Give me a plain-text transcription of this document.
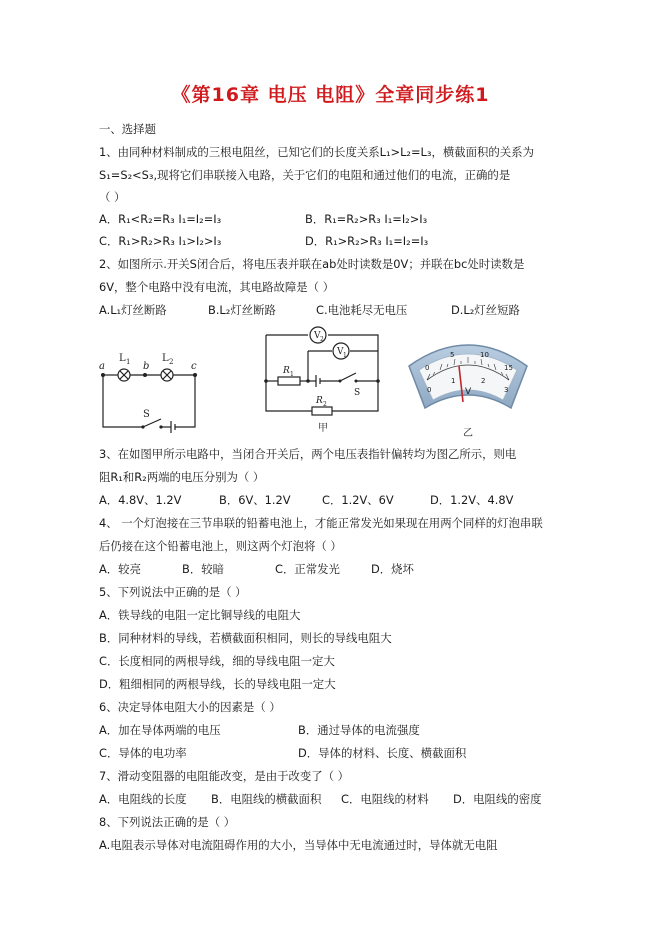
《第16章 电压 电阻》全章同步练1
一、选择题
1、由同种材料制成的三根电阻丝，已知它们的长度关系L₁>L₂=L₃，横截面积的关系为
S₁=S₂<S₃,现将它们串联接入电路，关于它们的电阻和通过他们的电流，正确的是
（ ）
A．R₁<R₂=R₃ I₁=I₂=I₃	B．R₁=R₂>R₃ I₁=I₂>I₃
C．R₁>R₂>R₃ I₁>I₂>I₃	D．R₁>R₂>R₃ I₁=I₂=I₃
2、如图所示.开关S闭合后，将电压表并联在ab处时读数是0V；并联在bc处时读数是
6V，整个电路中没有电流，其电路故障是（ ）
A.L₁灯丝断路	B.L₂灯丝断路	C.电池耗尽无电压	D.L₂灯丝短路
a	b	c
L 1	L 2
S
V 2
V 1
R 1
R 2
S
甲
0
5	10
15
0
1	2
3
V
乙
3、在如图甲所示电路中，当闭合开关后，两个电压表指针偏转均为图乙所示，则电
阻R₁和R₂两端的电压分别为（ ）
A．4.8V、1.2V	B．6V、1.2V	C．1.2V、6V	D．1.2V、4.8V
4、 一个灯泡接在三节串联的铅蓄电池上，才能正常发光如果现在用两个同样的灯泡串联
后仍接在这个铅蓄电池上，则这两个灯泡将（ ）
A．较亮	B．较暗	C．正常发光	D．烧坏
5、下列说法中正确的是（ ）
A．铁导线的电阻一定比铜导线的电阻大
B．同种材料的导线，若横截面积相同，则长的导线电阻大
C．长度相同的两根导线，细的导线电阻一定大
D．粗细相同的两根导线，长的导线电阻一定大
6、决定导体电阻大小的因素是（ ）
A．加在导体两端的电压	B．通过导体的电流强度
C．导体的电功率	D．导体的材料、长度、横截面积
7、滑动变阻器的电阻能改变，是由于改变了（ ）
A．电阻线的长度 B．电阻线的横截面积 C．电阻线的材料 D．电阻线的密度
8、下列说法正确的是（ ）
A.电阻表示导体对电流阻碍作用的大小，当导体中无电流通过时，导体就无电阻
